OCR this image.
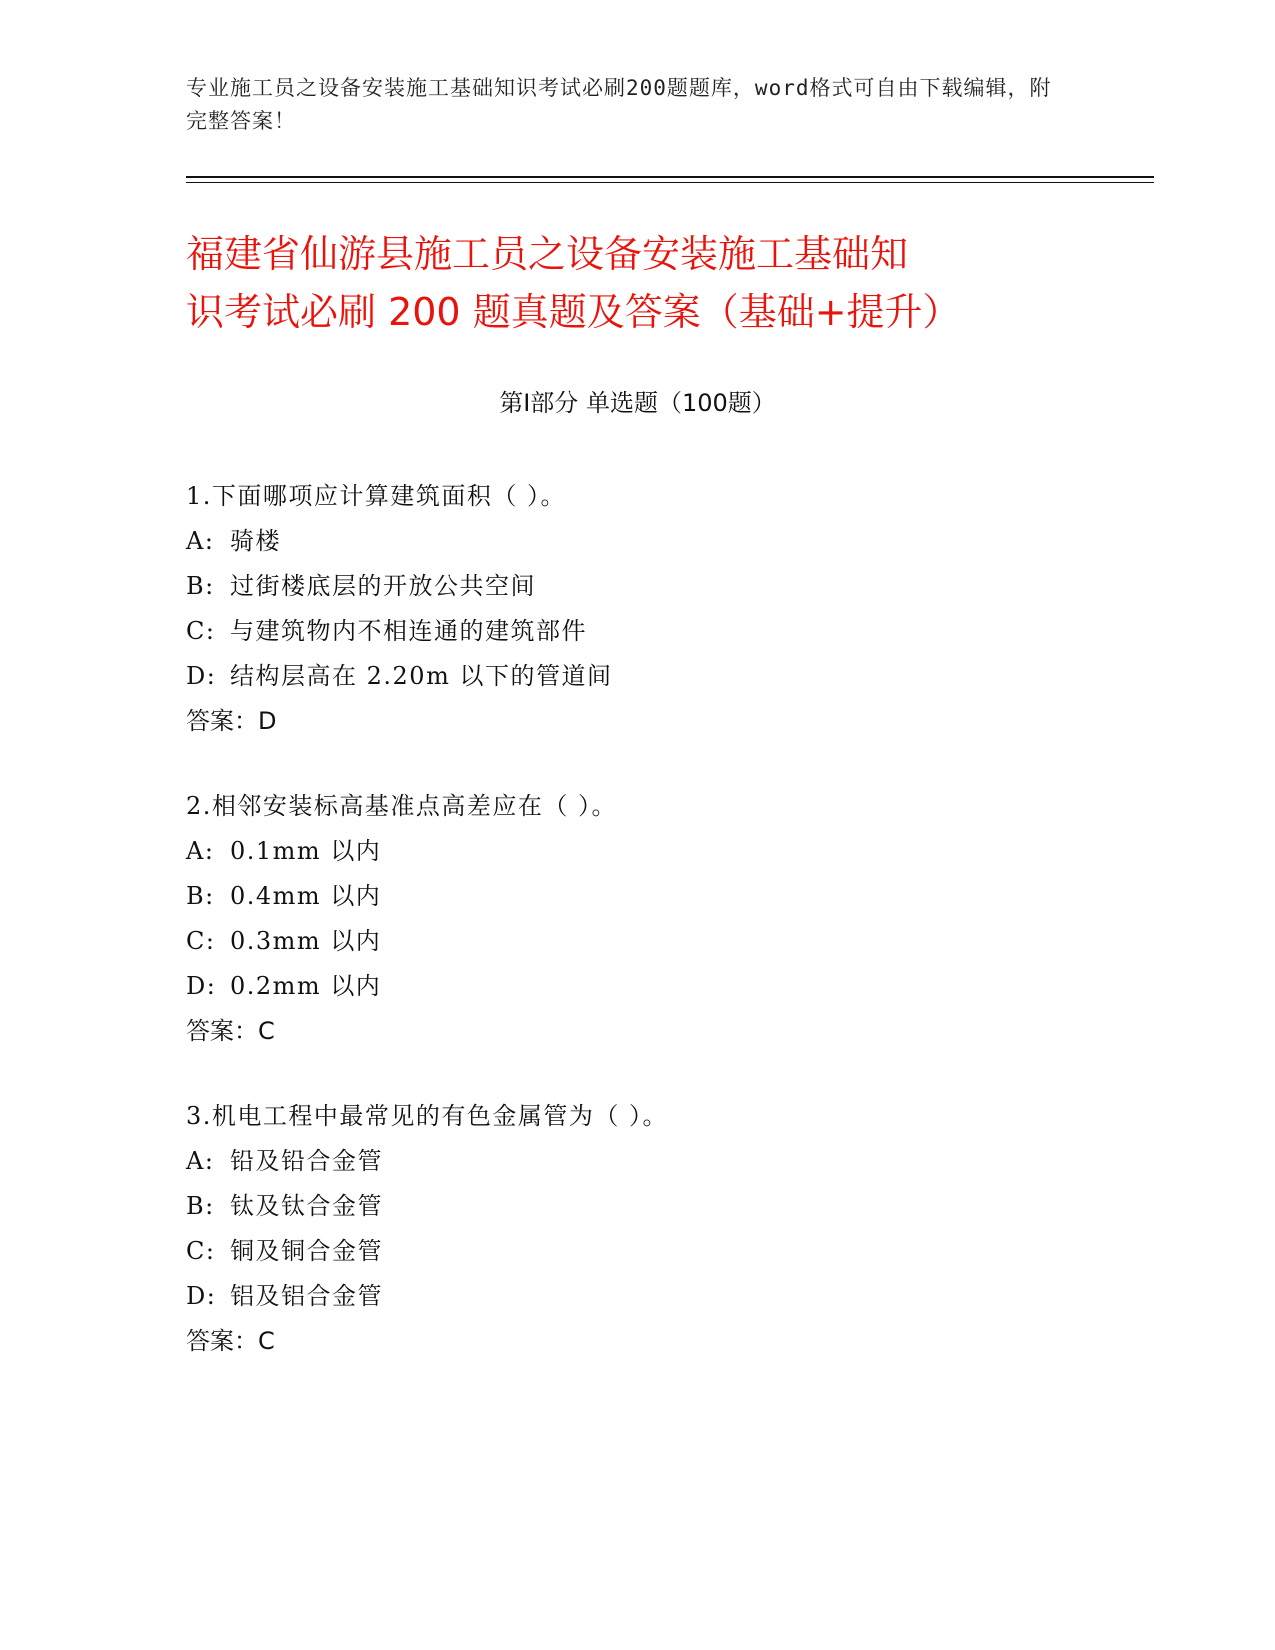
专业施工员之设备安装施工基础知识考试必刷200题题库，word格式可自由下载编辑，附完整答案！
福建省仙游县施工员之设备安装施工基础知
识考试必刷 200 题真题及答案（基础+提升）
第Ⅰ部分 单选题（100题）
1.下面哪项应计算建筑面积（ ）。
A: 骑楼
B: 过街楼底层的开放公共空间
C: 与建筑物内不相连通的建筑部件
D: 结构层高在 2.20m 以下的管道间
答案：D
2.相邻安装标高基准点高差应在（ ）。
A: 0.1mm 以内
B: 0.4mm 以内
C: 0.3mm 以内
D: 0.2mm 以内
答案：C
3.机电工程中最常见的有色金属管为（ ）。
A: 铅及铅合金管
B: 钛及钛合金管
C: 铜及铜合金管
D: 铝及铝合金管
答案：C
